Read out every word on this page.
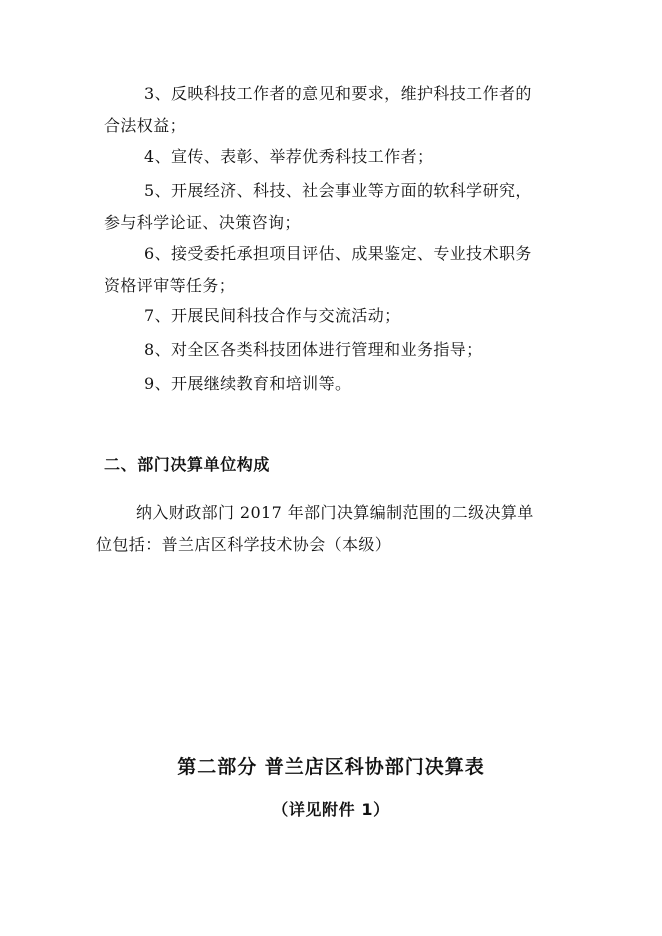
3、反映科技工作者的意见和要求，维护科技工作者的
合法权益；

4、宣传、表彰、举荐优秀科技工作者；

5、开展经济、科技、社会事业等方面的软科学研究，
参与科学论证、决策咨询；

6、接受委托承担项目评估、成果鉴定、专业技术职务
资格评审等任务；

7、开展民间科技合作与交流活动；

8、对全区各类科技团体进行管理和业务指导；

9、开展继续教育和培训等。

二、部门决算单位构成

纳入财政部门 2017 年部门决算编制范围的二级决算单
位包括：普兰店区科学技术协会（本级）

第二部分 普兰店区科协部门决算表

（详见附件 1）
